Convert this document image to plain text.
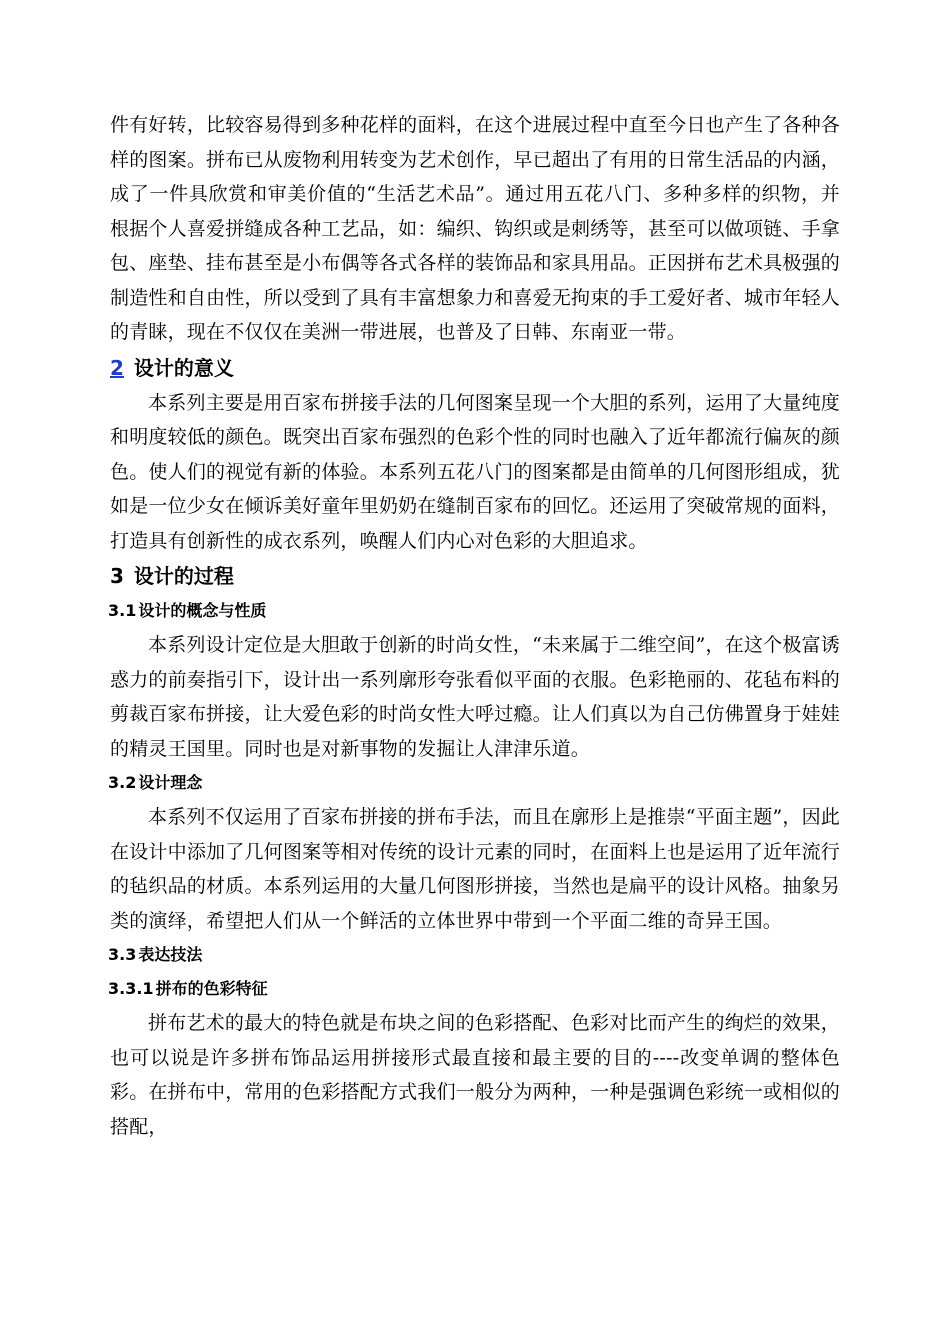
件有好转，比较容易得到多种花样的面料，在这个进展过程中直至今日也产生了各种各样的图案。拼布已从废物利用转变为艺术创作，早已超出了有用的日常生活品的内涵，成了一件具欣赏和审美价值的“生活艺术品”。通过用五花八门、多种多样的织物，并根据个人喜爱拼缝成各种工艺品，如：编织、钩织或是刺绣等，甚至可以做项链、手拿包、座垫、挂布甚至是小布偶等各式各样的装饰品和家具用品。正因拼布艺术具极强的制造性和自由性，所以受到了具有丰富想象力和喜爱无拘束的手工爱好者、城市年轻人的青睐，现在不仅仅在美洲一带进展，也普及了日韩、东南亚一带。

2 设计的意义

本系列主要是用百家布拼接手法的几何图案呈现一个大胆的系列，运用了大量纯度和明度较低的颜色。既突出百家布强烈的色彩个性的同时也融入了近年都流行偏灰的颜色。使人们的视觉有新的体验。本系列五花八门的图案都是由简单的几何图形组成，犹如是一位少女在倾诉美好童年里奶奶在缝制百家布的回忆。还运用了突破常规的面料，打造具有创新性的成衣系列，唤醒人们内心对色彩的大胆追求。

3 设计的过程
3.1 设计的概念与性质

本系列设计定位是大胆敢于创新的时尚女性，“未来属于二维空间”，在这个极富诱惑力的前奏指引下，设计出一系列廓形夸张看似平面的衣服。色彩艳丽的、花毡布料的剪裁百家布拼接，让大爱色彩的时尚女性大呼过瘾。让人们真以为自己仿佛置身于娃娃的精灵王国里。同时也是对新事物的发掘让人津津乐道。

3.2 设计理念

本系列不仅运用了百家布拼接的拼布手法，而且在廓形上是推崇“平面主题”，因此在设计中添加了几何图案等相对传统的设计元素的同时，在面料上也是运用了近年流行的毡织品的材质。本系列运用的大量几何图形拼接，当然也是扁平的设计风格。抽象另类的演绎，希望把人们从一个鲜活的立体世界中带到一个平面二维的奇异王国。

3.3 表达技法
3.3.1 拼布的色彩特征

拼布艺术的最大的特色就是布块之间的色彩搭配、色彩对比而产生的绚烂的效果，也可以说是许多拼布饰品运用拼接形式最直接和最主要的目的----改变单调的整体色彩。在拼布中，常用的色彩搭配方式我们一般分为两种，一种是强调色彩统一或相似的搭配，
